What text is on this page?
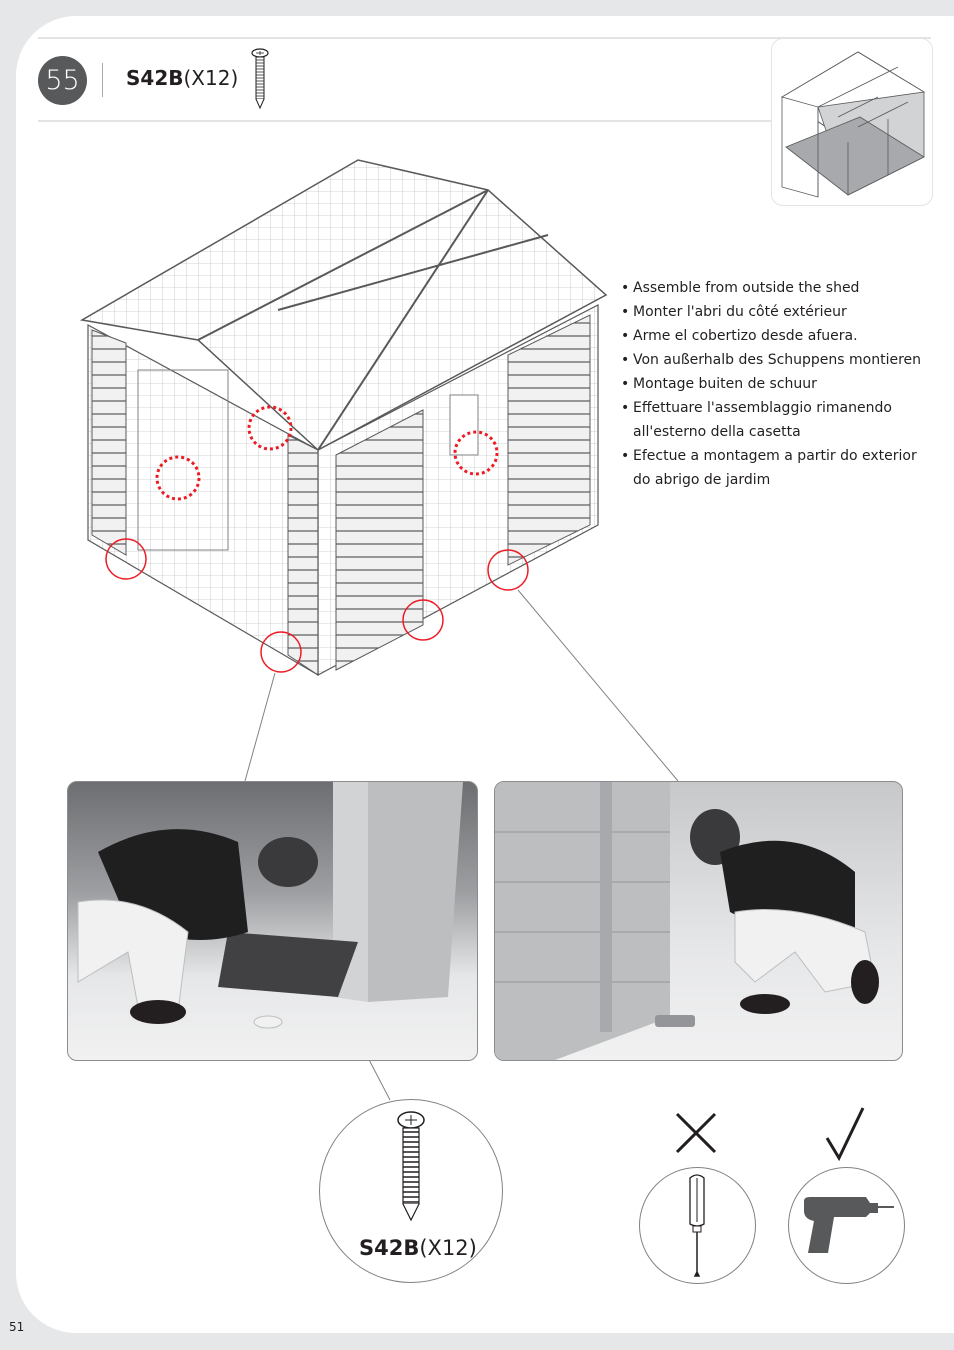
55	S42B(X12)
• Assemble from outside the shed
• Monter l'abri du côté extérieur
• Arme el cobertizo desde afuera.
• Von außerhalb des Schuppens montieren
• Montage buiten de schuur
• Effettuare l'assemblaggio rimanendo
all'esterno della casetta
• Efectue a montagem a partir do exterior
do abrigo de jardim
S42B(X12)
51
